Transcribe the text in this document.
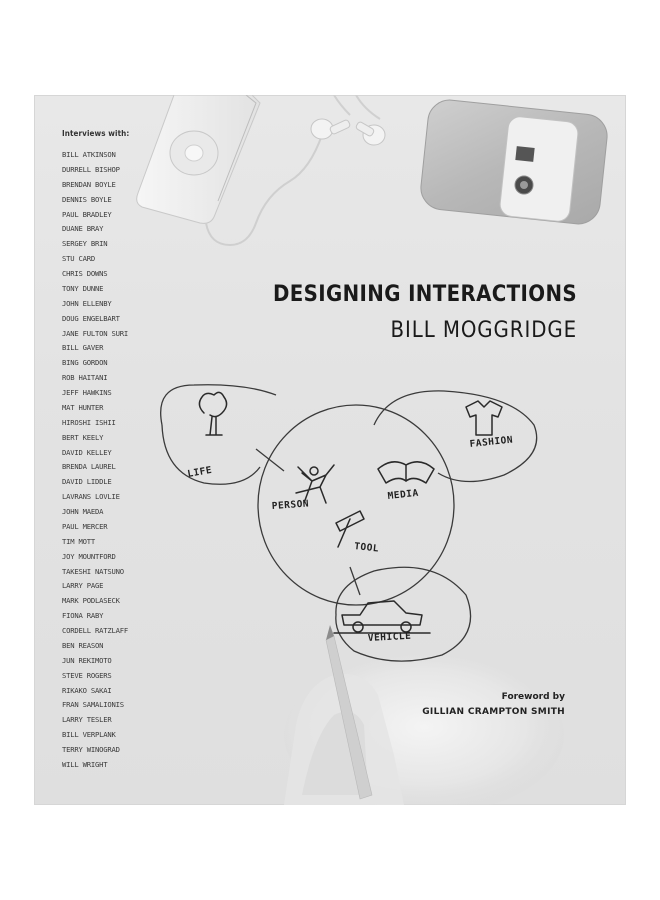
LIFE
FASHION
MEDIA
PERSON
TOOL
VEHICLE
Interviews with:
BILL ATKINSON
DURRELL BISHOP
BRENDAN BOYLE
DENNIS BOYLE
PAUL BRADLEY
DUANE BRAY
SERGEY BRIN
STU CARD
CHRIS DOWNS
TONY DUNNE
JOHN ELLENBY
DOUG ENGELBART
JANE FULTON SURI
BILL GAVER
BING GORDON
ROB HAITANI
JEFF HAWKINS
MAT HUNTER
HIROSHI ISHII
BERT KEELY
DAVID KELLEY
BRENDA LAUREL
DAVID LIDDLE
LAVRANS LOVLIE
JOHN MAEDA
PAUL MERCER
TIM MOTT
JOY MOUNTFORD
TAKESHI NATSUNO
LARRY PAGE
MARK PODLASECK
FIONA RABY
CORDELL RATZLAFF
BEN REASON
JUN REKIMOTO
STEVE ROGERS
RIKAKO SAKAI
FRAN SAMALIONIS
LARRY TESLER
BILL VERPLANK
TERRY WINOGRAD
WILL WRIGHT
DESIGNING INTERACTIONS
BILL MOGGRIDGE
Foreword by
GILLIAN CRAMPTON SMITH
